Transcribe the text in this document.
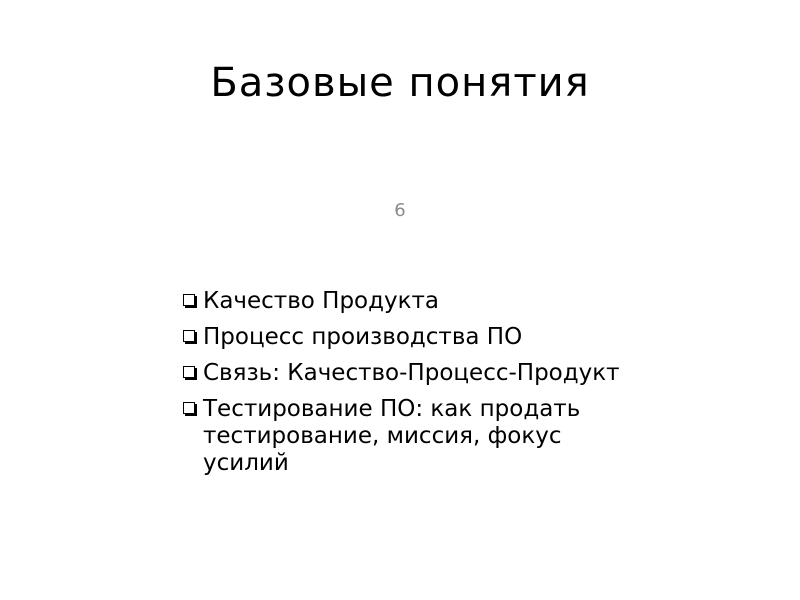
Базовые понятия
6
Качество Продукта
Процесс производства ПО
Связь: Качество-Процесс-Продукт
Тестирование ПО: как продать тестирование, миссия, фокус усилий
